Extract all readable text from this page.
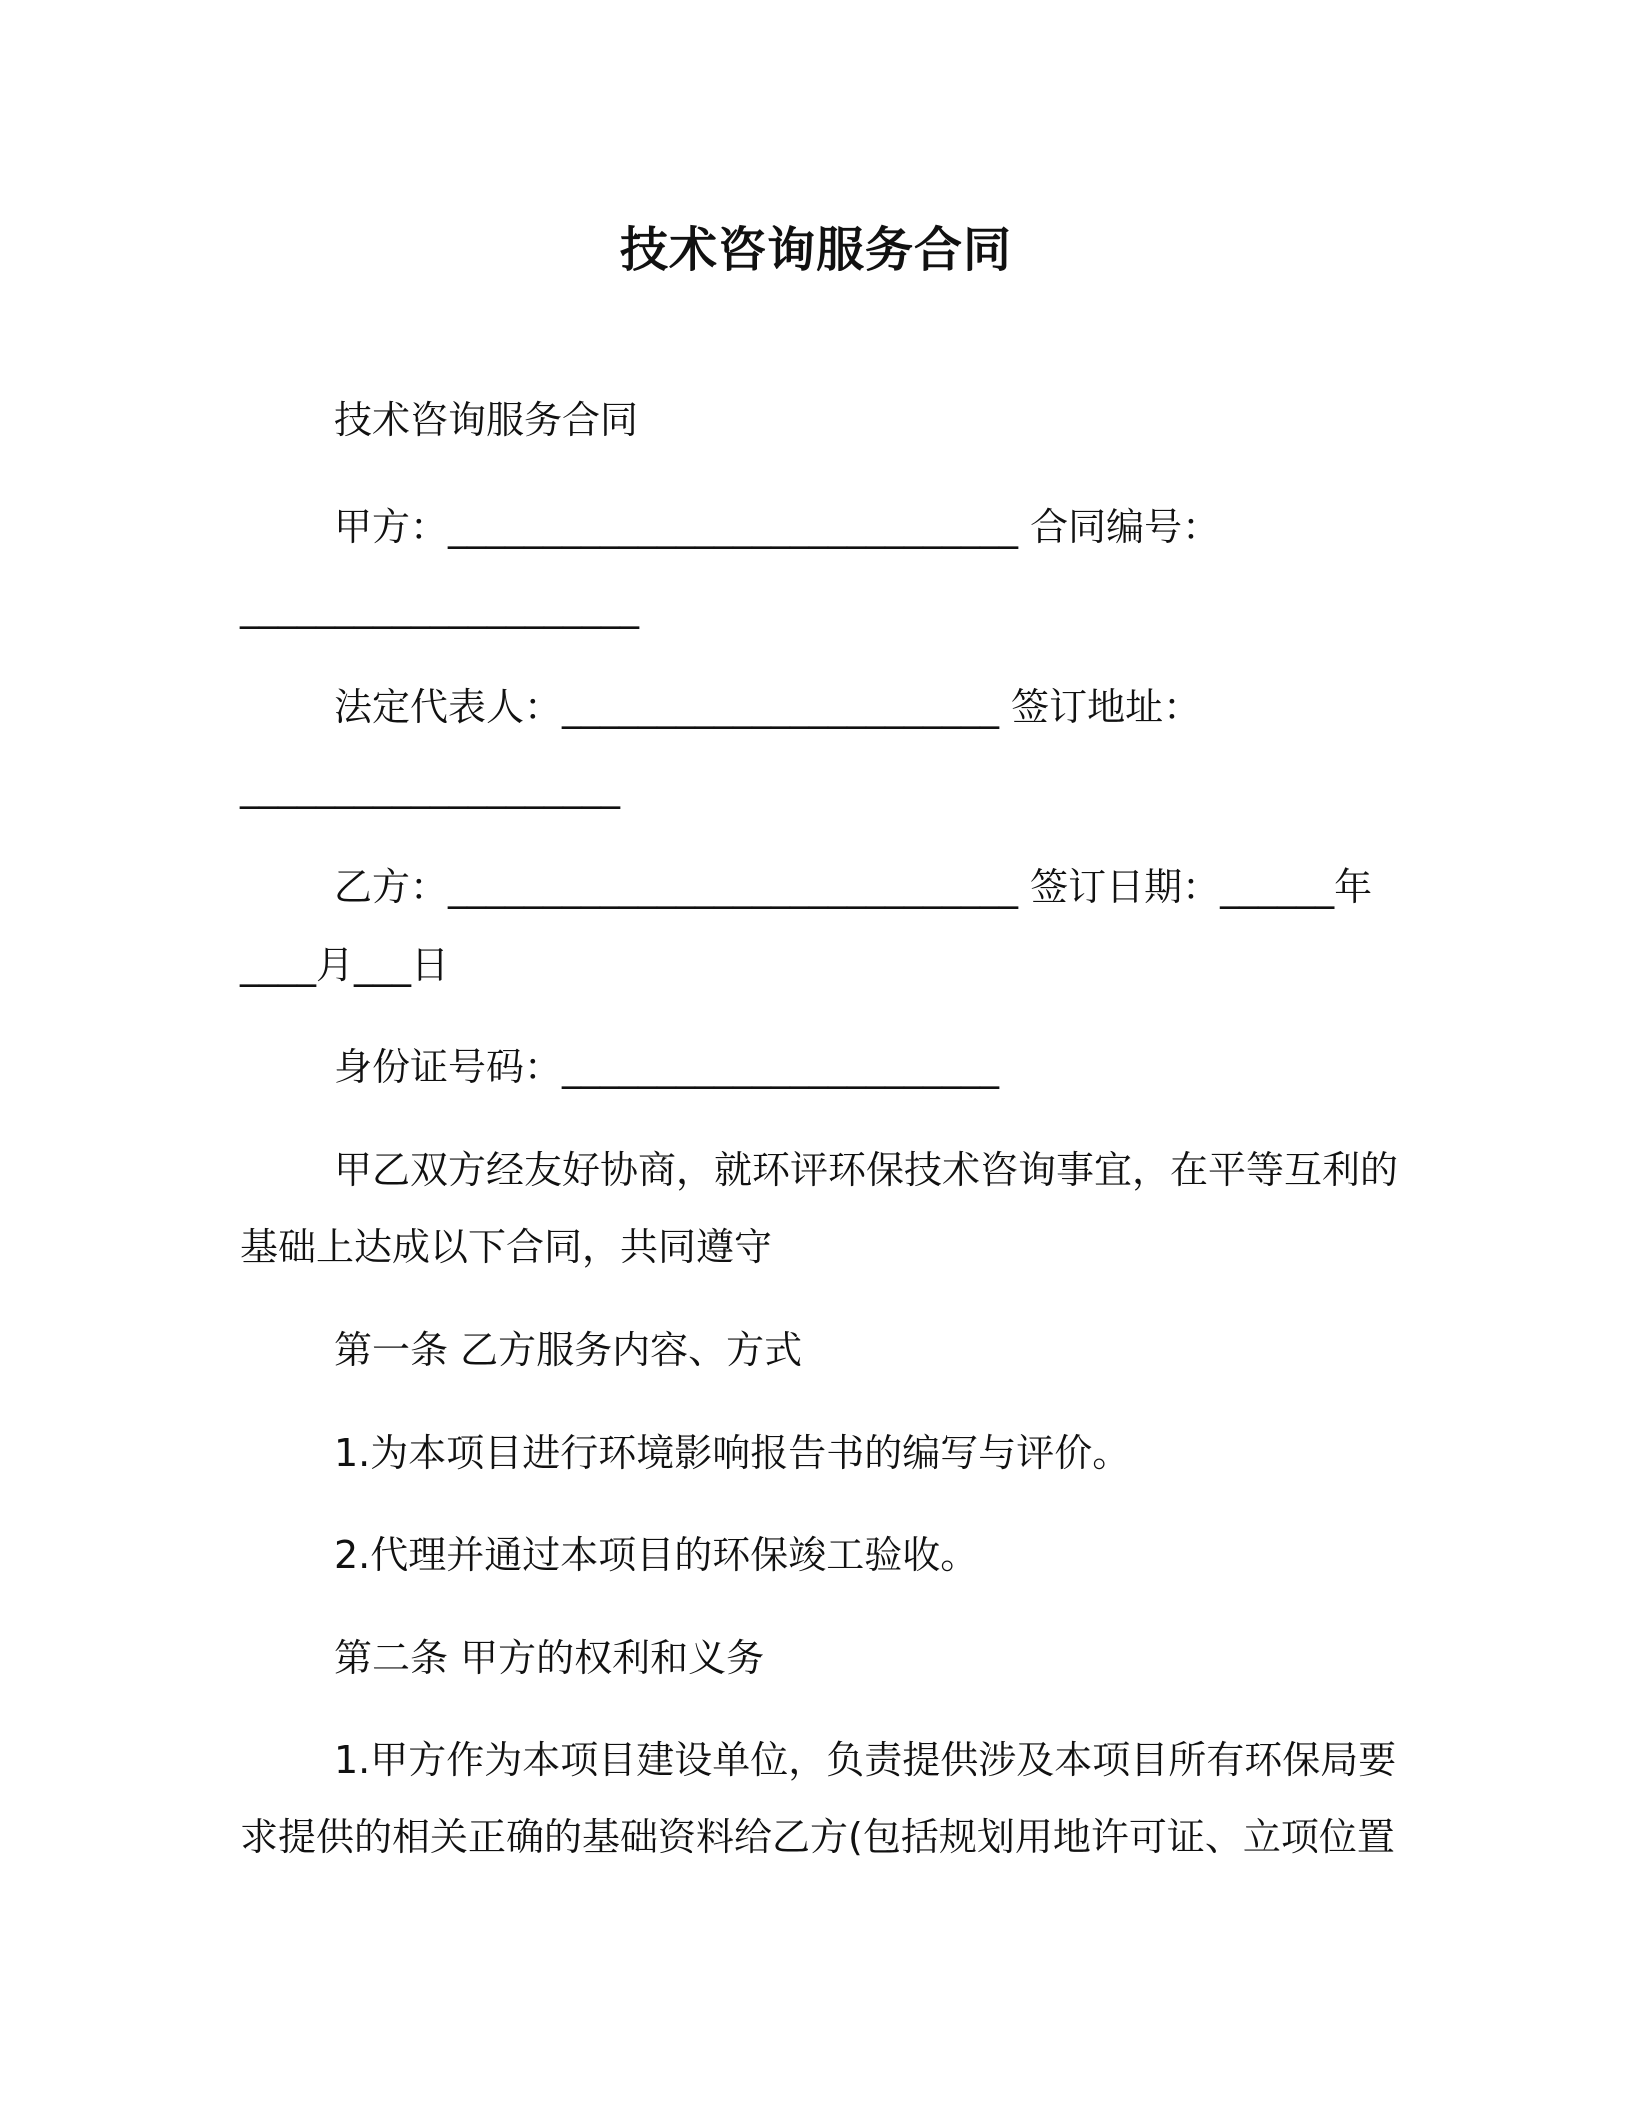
技术咨询服务合同
技术咨询服务合同
甲方：______________________________ 合同编号：
_____________________
法定代表人：_______________________ 签订地址：
____________________
乙方：______________________________ 签订日期：______年
____月___日
身份证号码：_______________________
甲乙双方经友好协商，就环评环保技术咨询事宜，在平等互利的
基础上达成以下合同，共同遵守
第一条 乙方服务内容、方式
1.为本项目进行环境影响报告书的编写与评价。
2.代理并通过本项目的环保竣工验收。
第二条 甲方的权利和义务
1.甲方作为本项目建设单位，负责提供涉及本项目所有环保局要
求提供的相关正确的基础资料给乙方(包括规划用地许可证、立项位置
